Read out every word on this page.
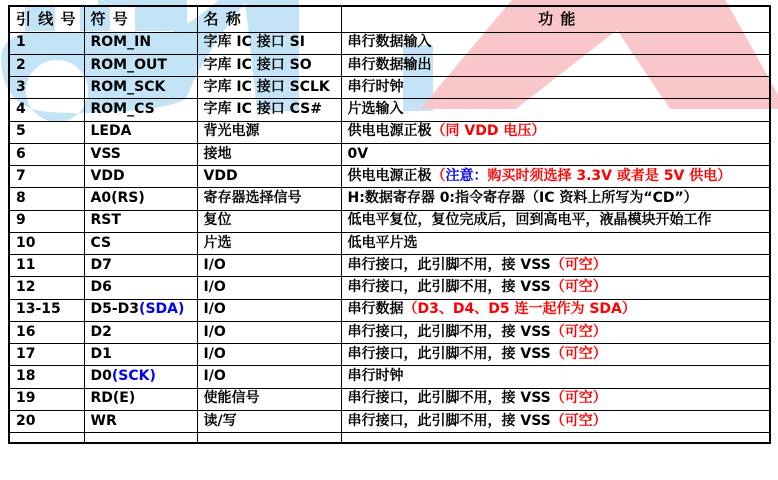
引 线 号	符 号	名 称	功 能
1	ROM_IN	字库 IC 接口 SI	串行数据输入
2	ROM_OUT	字库 IC 接口 SO	串行数据输出
3	ROM_SCK	字库 IC 接口 SCLK	串行时钟
4	ROM_CS	字库 IC 接口 CS#	片选输入
5	LEDA	背光电源	供电电源正极（同 VDD 电压）
6	VSS	接地	0V
7	VDD	VDD	供电电源正极（注意：购买时须选择 3.3V 或者是 5V 供电）
8	A0(RS)	寄存器选择信号	H:数据寄存器 0:指令寄存器（IC 资料上所写为“CD”）
9	RST	复位	低电平复位，复位完成后，回到高电平，液晶模块开始工作
10	CS	片选	低电平片选
11	D7	I/O	串行接口，此引脚不用，接 VSS（可空）
12	D6	I/O	串行接口，此引脚不用，接 VSS（可空）
13-15	D5-D3(SDA)	I/O	串行数据（D3、D4、D5 连一起作为 SDA）
16	D2	I/O	串行接口，此引脚不用，接 VSS（可空）
17	D1	I/O	串行接口，此引脚不用，接 VSS（可空）
18	D0(SCK)	I/O	串行时钟
19	RD(E)	使能信号	串行接口，此引脚不用，接 VSS（可空）
20	WR	读/写	串行接口，此引脚不用，接 VSS（可空）
